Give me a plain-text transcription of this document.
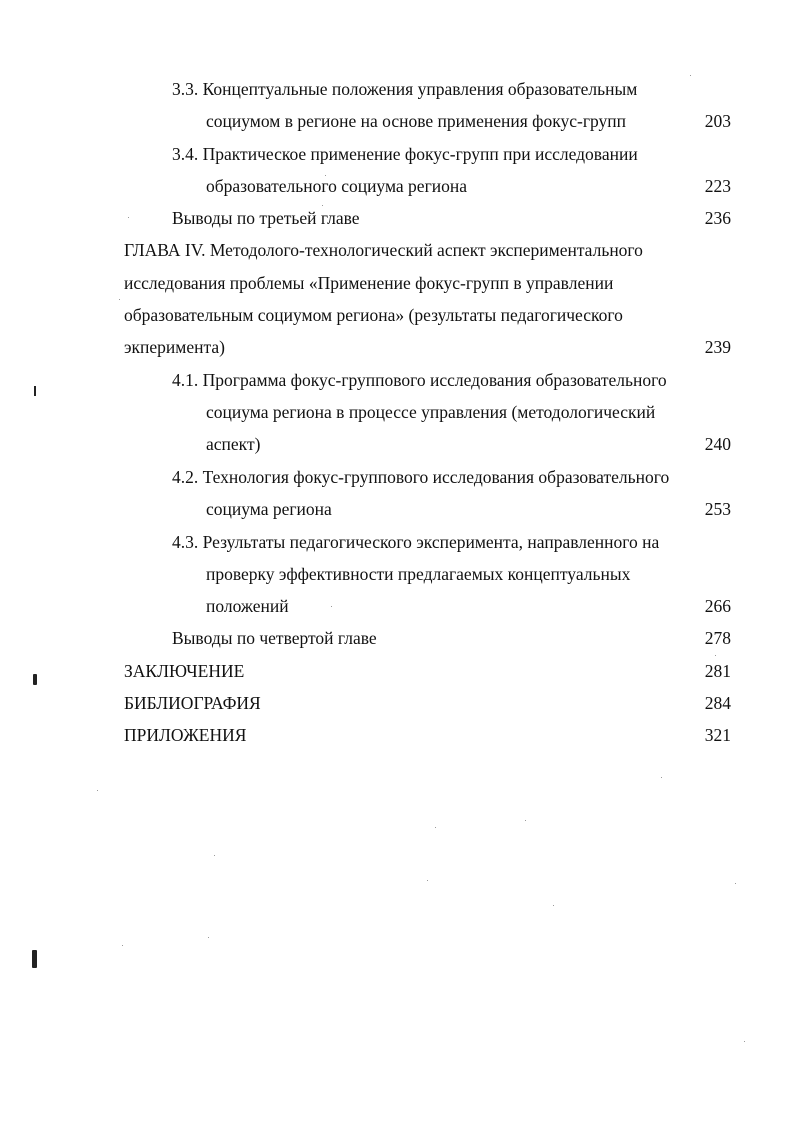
3.3. Концептуальные положения управления образовательным
социумом в регионе на основе применения фокус-групп	203
3.4. Практическое применение фокус-групп при исследовании
образовательного социума региона	223
Выводы по третьей главе	236
ГЛАВА IV. Методолого-технологический аспект экспериментального
исследования проблемы «Применение фокус-групп в управлении
образовательным социумом региона» (результаты педагогического
экперимента)	239
4.1. Программа фокус-группового исследования образовательного
социума региона в процессе управления (методологический
аспект)	240
4.2. Технология фокус-группового исследования образовательного
социума региона	253
4.3. Результаты педагогического эксперимента, направленного на
проверку эффективности предлагаемых концептуальных
положений	266
Выводы по четвертой главе	278
ЗАКЛЮЧЕНИЕ	281
БИБЛИОГРАФИЯ	284
ПРИЛОЖЕНИЯ	321
